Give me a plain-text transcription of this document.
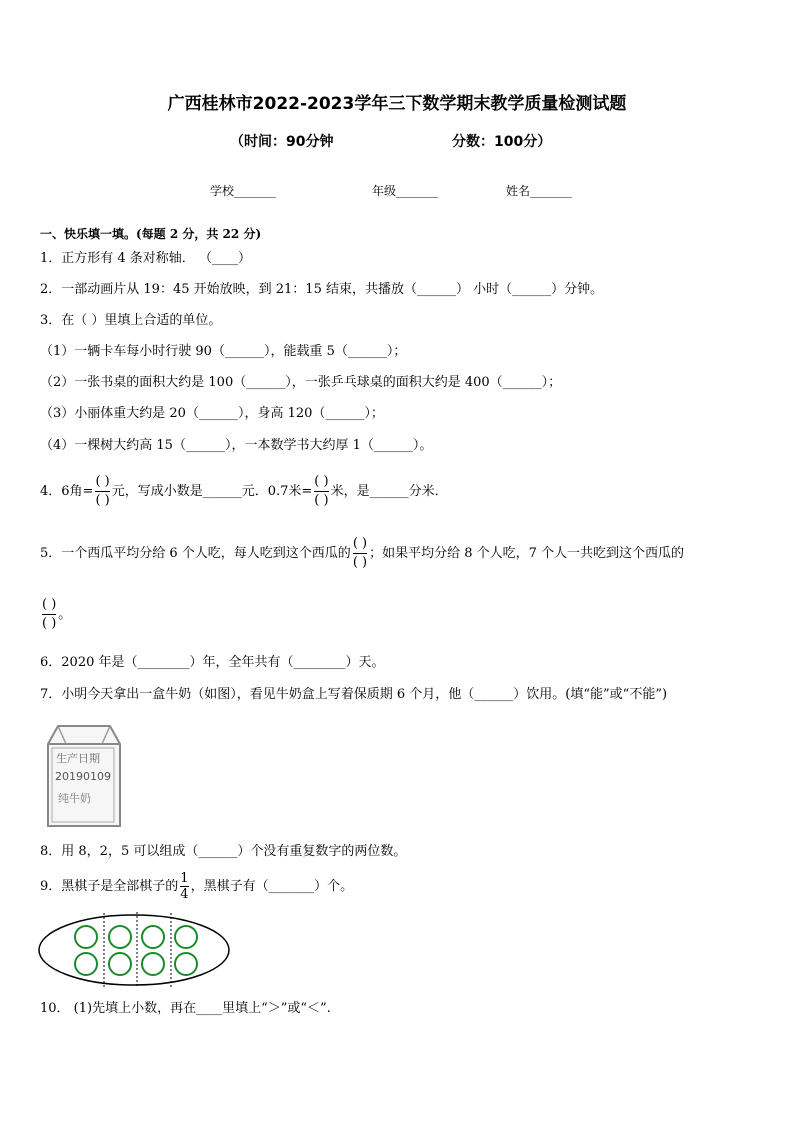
广西桂林市2022-2023学年三下数学期末教学质量检测试题
（时间：90分钟	分数：100分）
学校_______	年级_______	姓名_______
一、快乐填一填。(每题 2 分，共 22 分)
1．正方形有 4 条对称轴． （____）
2．一部动画片从 19：45 开始放映，到 21：15 结束，共播放（______） 小时（______）分钟。
3．在（ ）里填上合适的单位。
（1）一辆卡车每小时行驶 90（______），能载重 5（______）；
（2）一张书桌的面积大约是 100（______），一张乒乓球桌的面积大约是 400（______）；
（3）小丽体重大约是 20（______），身高 120（______）；
（4）一棵树大约高 15（______），一本数学书大约厚 1（______）。
4．6角= $\frac{( )}{( )}$ 元，写成小数是______元．0.7米= $\frac{( )}{( )}$ 米，是______分米．
5．一个西瓜平均分给 6 个人吃，每人吃到这个西瓜的 $\frac{( )}{( )}$ ；如果平均分给 8 个人吃，7 个人一共吃到这个西瓜的
$\frac{( )}{( )}$ 。
6．2020 年是（________）年，全年共有（________）天。
7．小明今天拿出一盒牛奶（如图），看见牛奶盒上写着保质期 6 个月，他（______）饮用。(填“能”或“不能”)
生产日期
20190109
纯牛奶
8．用 8，2，5 可以组成（______）个没有重复数字的两位数。
9．黑棋子是全部棋子的 $\frac{1}{4}$ ，黑棋子有（_______）个。
10． (1)先填上小数，再在____里填上“＞”或“＜”.
